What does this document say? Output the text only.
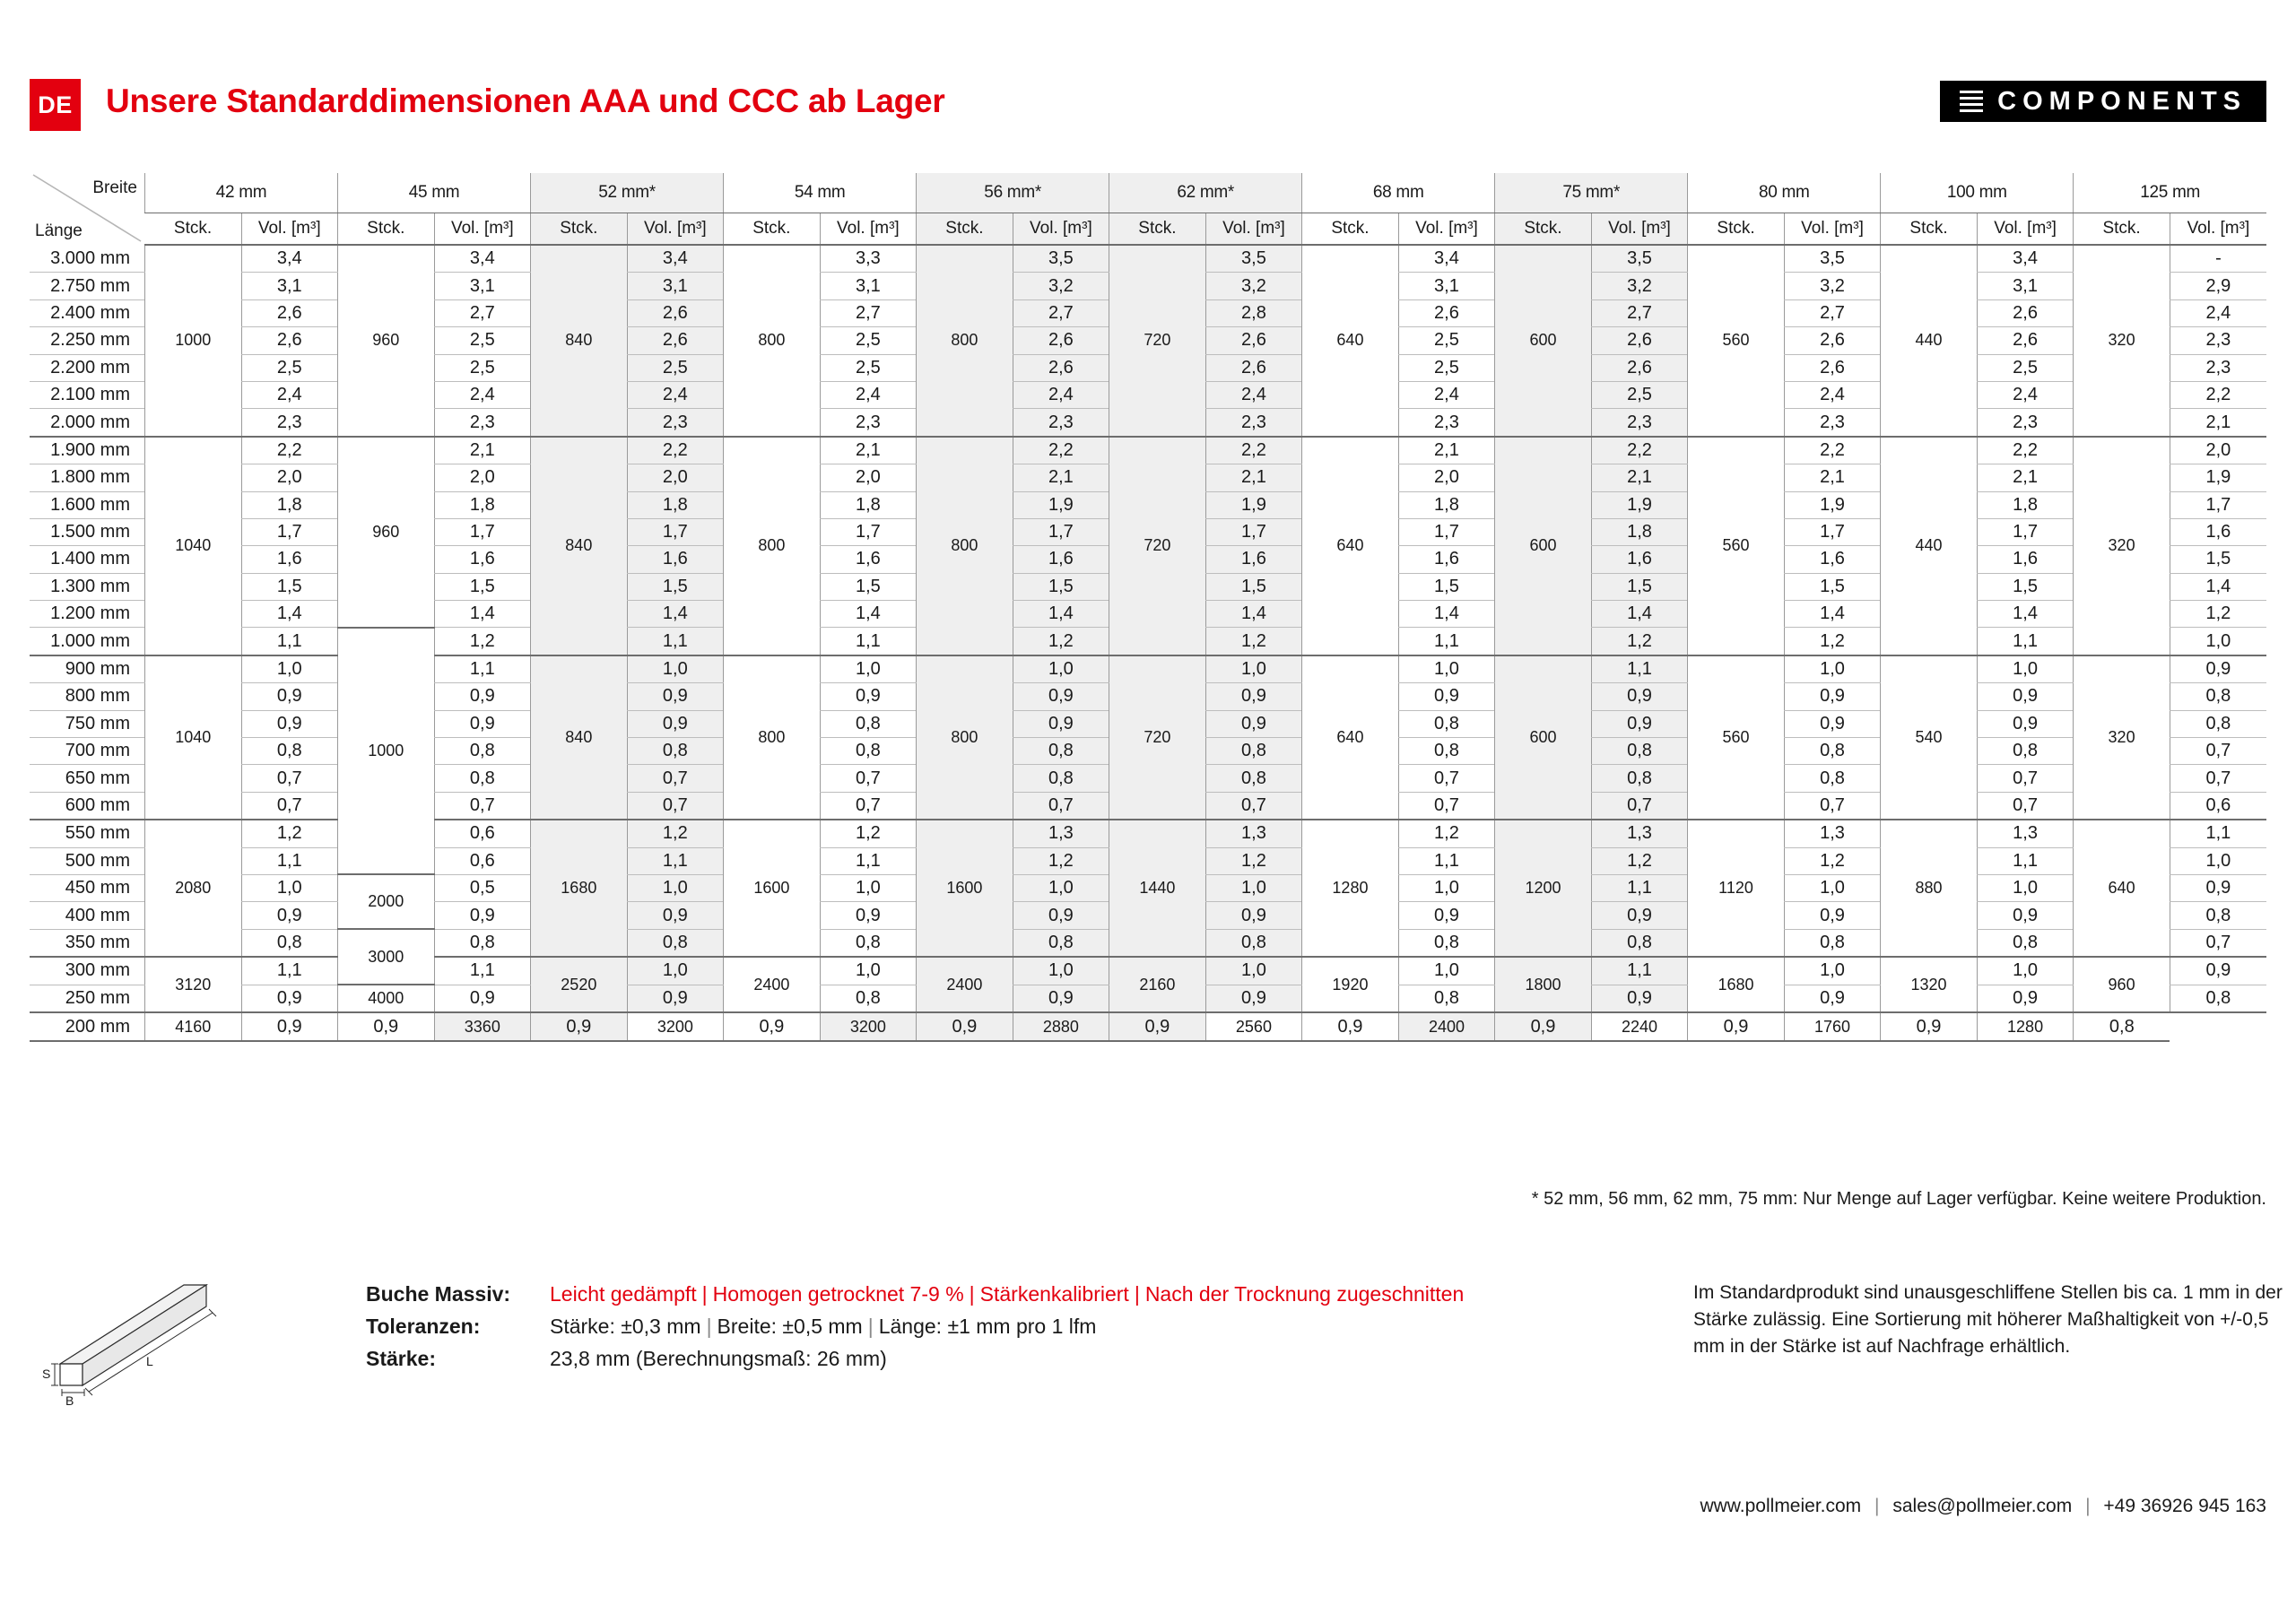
DE Unsere Standarddimensionen AAA und CCC ab Lager	COMPONENTS
Breite
Länge	42 mm		45 mm		52 mm*		54 mm		56 mm*		62 mm*		68 mm		75 mm*		80 mm		100 mm		125 mm	
	Stck.	Vol. [m³]	Stck.	Vol. [m³]	Stck.	Vol. [m³]	Stck.	Vol. [m³]	Stck.	Vol. [m³]	Stck.	Vol. [m³]	Stck.	Vol. [m³]	Stck.	Vol. [m³]	Stck.	Vol. [m³]	Stck.	Vol. [m³]	Stck.	Vol. [m³]
3.000 mm	1000	3,4	960	3,4	840	3,4	800	3,3	800	3,5	720	3,5	640	3,4	600	3,5	560	3,5	440	3,4	320	-
2.750 mm		3,1		3,1		3,1		3,1		3,2		3,2		3,1		3,2		3,2		3,1		2,9
2.400 mm		2,6		2,7		2,6		2,7		2,7		2,8		2,6		2,7		2,7		2,6		2,4
2.250 mm		2,6		2,5		2,6		2,5		2,6		2,6		2,5		2,6		2,6		2,6		2,3
2.200 mm		2,5		2,5		2,5		2,5		2,6		2,6		2,5		2,6		2,6		2,5		2,3
2.100 mm		2,4		2,4		2,4		2,4		2,4		2,4		2,4		2,5		2,4		2,4		2,2
2.000 mm		2,3		2,3		2,3		2,3		2,3		2,3		2,3		2,3		2,3		2,3		2,1
1.900 mm	1040	2,2	960	2,1	840	2,2	800	2,1	800	2,2	720	2,2	640	2,1	600	2,2	560	2,2	440	2,2	320	2,0
1.800 mm		2,0		2,0		2,0		2,0		2,1		2,1		2,0		2,1		2,1		2,1		1,9
1.600 mm		1,8		1,8		1,8		1,8		1,9		1,9		1,8		1,9		1,9		1,8		1,7
1.500 mm		1,7		1,7		1,7		1,7		1,7		1,7		1,7		1,8		1,7		1,7		1,6
1.400 mm		1,6		1,6		1,6		1,6		1,6		1,6		1,6		1,6		1,6		1,6		1,5
1.300 mm		1,5		1,5		1,5		1,5		1,5		1,5		1,5		1,5		1,5		1,5		1,4
1.200 mm		1,4		1,4		1,4		1,4		1,4		1,4		1,4		1,4		1,4		1,4		1,2
1.000 mm		1,1	1000	1,2		1,1		1,1		1,2		1,2		1,1		1,2		1,2		1,1		1,0
900 mm	1040	1,0		1,1	840	1,0	800	1,0	800	1,0	720	1,0	640	1,0	600	1,1	560	1,0	540	1,0	320	0,9
800 mm		0,9		0,9		0,9		0,9		0,9		0,9		0,9		0,9		0,9		0,9		0,8
750 mm		0,9		0,9		0,9		0,8		0,9		0,9		0,8		0,9		0,9		0,9		0,8
700 mm		0,8		0,8		0,8		0,8		0,8		0,8		0,8		0,8		0,8		0,8		0,7
650 mm		0,7		0,8		0,7		0,7		0,8		0,8		0,7		0,8		0,8		0,7		0,7
600 mm		0,7		0,7		0,7		0,7		0,7		0,7		0,7		0,7		0,7		0,7		0,6
550 mm	2080	1,2		0,6	1680	1,2	1600	1,2	1600	1,3	1440	1,3	1280	1,2	1200	1,3	1120	1,3	880	1,3	640	1,1
500 mm		1,1		0,6		1,1		1,1		1,2		1,2		1,1		1,2		1,2		1,1		1,0
450 mm		1,0	2000	0,5		1,0		1,0		1,0		1,0		1,0		1,1		1,0		1,0		0,9
400 mm		0,9		0,9		0,9		0,9		0,9		0,9		0,9		0,9		0,9		0,9		0,8
350 mm		0,8	3000	0,8		0,8		0,8		0,8		0,8		0,8		0,8		0,8		0,8		0,7
300 mm	3120	1,1		1,1	2520	1,0	2400	1,0	2400	1,0	2160	1,0	1920	1,0	1800	1,1	1680	1,0	1320	1,0	960	0,9
250 mm		0,9	4000	0,9		0,9		0,8		0,9		0,9		0,8		0,9		0,9		0,9		0,8
200 mm	4160	0,9	0,9	3360	0,9	3200	0,9	3200	0,9	2880	0,9	2560	0,9	2400	0,9	2240	0,9	1760	0,9	1280	0,8	
* 52 mm, 56 mm, 62 mm, 75 mm: Nur Menge auf Lager verfügbar. Keine weitere Produktion.
S
B
L
Buche Massiv:	Leicht gedämpft | Homogen getrocknet 7-9 % | Stärkenkalibriert | Nach der Trocknung zugeschnitten
Toleranzen:	Stärke: ±0,3 mm | Breite: ±0,5 mm | Länge: ±1 mm pro 1 lfm
Stärke:	23,8 mm (Berechnungsmaß: 26 mm)
Im Standardprodukt sind unausgeschliffene Stellen bis ca. 1 mm in der Stärke zulässig. Eine Sortierung mit höherer Maßhaltigkeit von +/-0,5 mm in der Stärke ist auf Nachfrage erhältlich.
www.pollmeier.com | sales@pollmeier.com | +49 36926 945 163
